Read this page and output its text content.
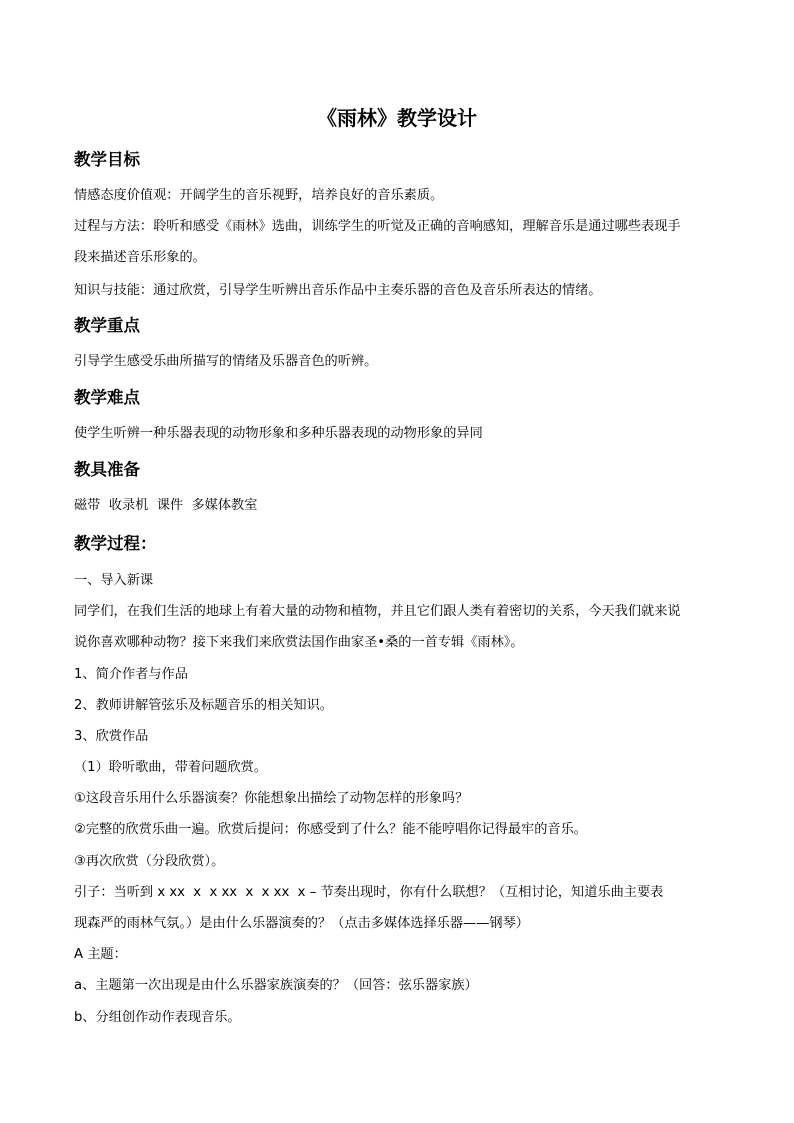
《雨林》教学设计
教学目标
情感态度价值观：开阔学生的音乐视野，培养良好的音乐素质。
过程与方法：聆听和感受《雨林》选曲，训练学生的听觉及正确的音响感知，理解音乐是通过哪些表现手
段来描述音乐形象的。
知识与技能：通过欣赏，引导学生听辨出音乐作品中主奏乐器的音色及音乐所表达的情绪。
教学重点
引导学生感受乐曲所描写的情绪及乐器音色的听辨。
教学难点
使学生听辨一种乐器表现的动物形象和多种乐器表现的动物形象的异同
教具准备
磁带  收录机  课件  多媒体教室
教学过程：
一、导入新课
同学们，在我们生活的地球上有着大量的动物和植物，并且它们跟人类有着密切的关系，今天我们就来说
说你喜欢哪种动物？接下来我们来欣赏法国作曲家圣•桑的一首专辑《雨林》。
1、简介作者与作品
2、教师讲解管弦乐及标题音乐的相关知识。
3、欣赏作品
（1）聆听歌曲，带着问题欣赏。
①这段音乐用什么乐器演奏？你能想象出描绘了动物怎样的形象吗？
②完整的欣赏乐曲一遍。欣赏后提问：你感受到了什么？能不能哼唱你记得最牢的音乐。
③再次欣赏（分段欣赏）。
引子：当听到 x xx  x  x xx  x  x xx  x – 节奏出现时，你有什么联想？（互相讨论，知道乐曲主要表
现森严的雨林气氛。）是由什么乐器演奏的？（点击多媒体选择乐器——钢琴）
A 主题：
a、主题第一次出现是由什么乐器家族演奏的？（回答：弦乐器家族）
b、分组创作动作表现音乐。
